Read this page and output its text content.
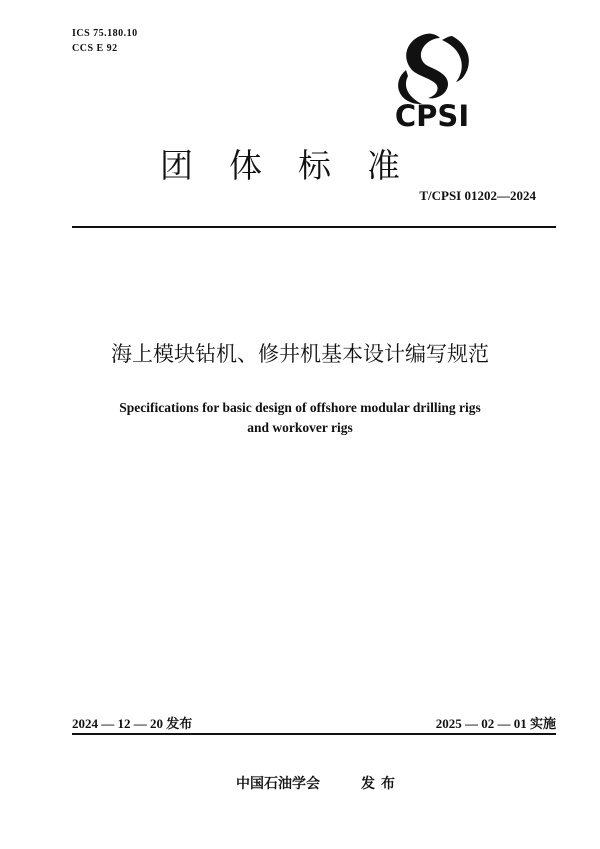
ICS 75.180.10
CCS E 92
CPSI
团体标准
T/CPSI 01202—2024
海上模块钻机、修井机基本设计编写规范
Specifications for basic design of offshore modular drilling rigs
and workover rigs
2024 — 12 — 20 发布	2025 — 02 — 01 实施
中国石油学会	发布
